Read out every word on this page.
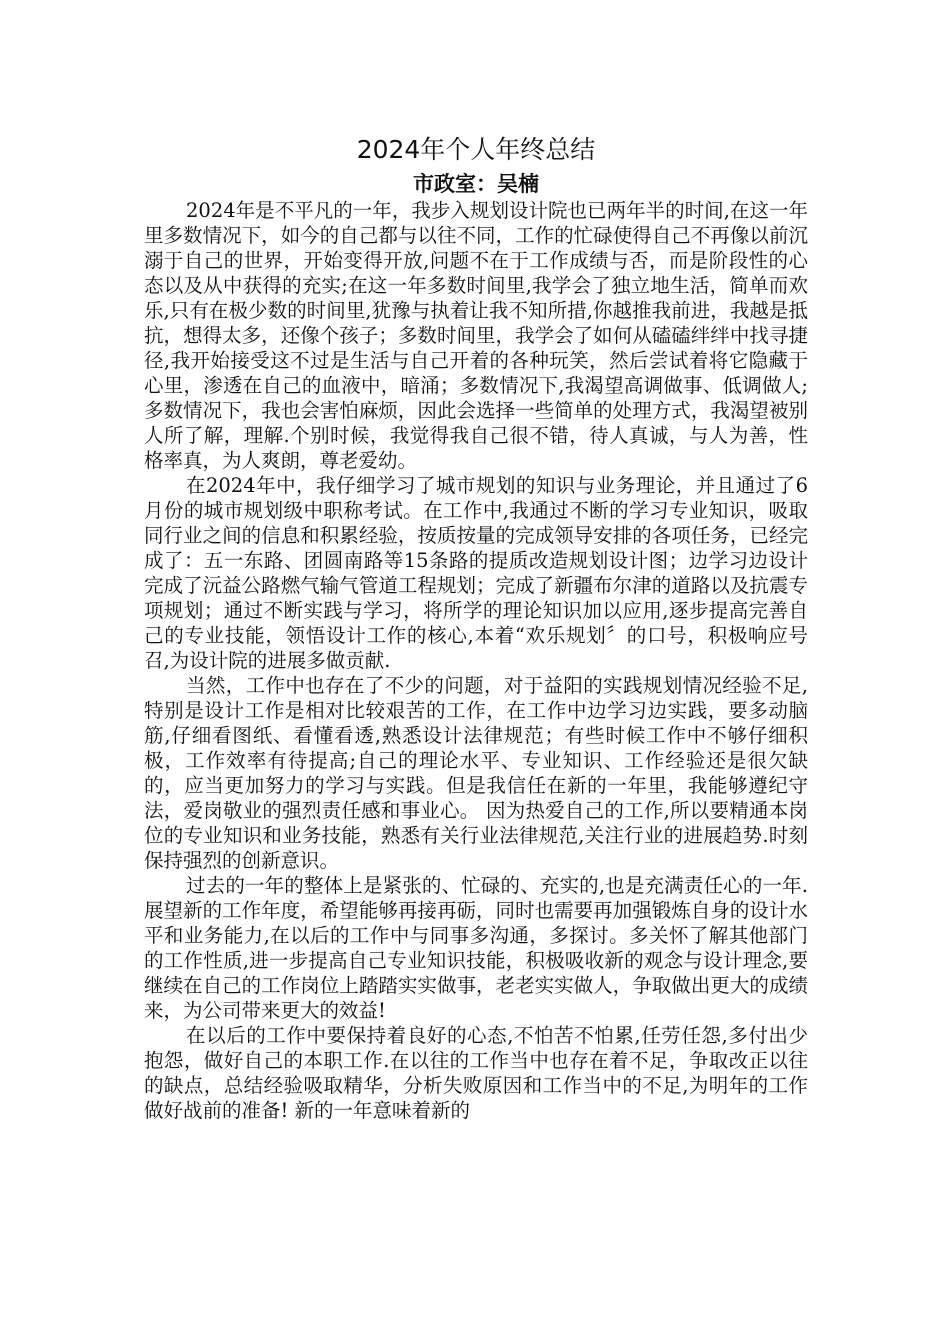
2024年个人年终总结

市政室：吴楠

2024年是不平凡的一年，我步入规划设计院也已两年半的时间,在这一年里多数情况下，如今的自己都与以往不同，工作的忙碌使得自己不再像以前沉溺于自己的世界，开始变得开放,问题不在于工作成绩与否，而是阶段性的心态以及从中获得的充实;在这一年多数时间里,我学会了独立地生活，简单而欢乐,只有在极少数的时间里,犹豫与执着让我不知所措,你越推我前进，我越是抵抗，想得太多，还像个孩子；多数时间里，我学会了如何从磕磕绊绊中找寻捷径,我开始接受这不过是生活与自己开着的各种玩笑，然后尝试着将它隐藏于心里，渗透在自己的血液中，暗涌；多数情况下,我渴望高调做事、低调做人;多数情况下，我也会害怕麻烦，因此会选择一些简单的处理方式，我渴望被别人所了解，理解.个别时候，我觉得我自己很不错，待人真诚，与人为善，性格率真，为人爽朗，尊老爱幼。

在2024年中，我仔细学习了城市规划的知识与业务理论，并且通过了6月份的城市规划级中职称考试。在工作中,我通过不断的学习专业知识，吸取同行业之间的信息和积累经验，按质按量的完成领导安排的各项任务，已经完成了：五一东路、团圆南路等15条路的提质改造规划设计图；边学习边设计完成了沅益公路燃气输气管道工程规划；完成了新疆布尔津的道路以及抗震专项规划；通过不断实践与学习，将所学的理论知识加以应用,逐步提高完善自己的专业技能，领悟设计工作的核心,本着“欢乐规划〞的口号，积极响应号召,为设计院的进展多做贡献.

当然，工作中也存在了不少的问题，对于益阳的实践规划情况经验不足,特别是设计工作是相对比较艰苦的工作，在工作中边学习边实践，要多动脑筋,仔细看图纸、看懂看透,熟悉设计法律规范；有些时候工作中不够仔细积极，工作效率有待提高;自己的理论水平、专业知识、工作经验还是很欠缺的，应当更加努力的学习与实践。但是我信任在新的一年里，我能够遵纪守法，爱岗敬业的强烈责任感和事业心。 因为热爱自己的工作,所以要精通本岗位的专业知识和业务技能，熟悉有关行业法律规范,关注行业的进展趋势.时刻保持强烈的创新意识。

过去的一年的整体上是紧张的、忙碌的、充实的,也是充满责任心的一年.展望新的工作年度，希望能够再接再砺，同时也需要再加强锻炼自身的设计水平和业务能力,在以后的工作中与同事多沟通，多探讨。多关怀了解其他部门的工作性质,进一步提高自己专业知识技能，积极吸收新的观念与设计理念,要继续在自己的工作岗位上踏踏实实做事，老老实实做人，争取做出更大的成绩来，为公司带来更大的效益!

在以后的工作中要保持着良好的心态,不怕苦不怕累,任劳任怨,多付出少抱怨，做好自己的本职工作.在以往的工作当中也存在着不足，争取改正以往的缺点，总结经验吸取精华，分析失败原因和工作当中的不足,为明年的工作做好战前的准备! 新的一年意味着新的
